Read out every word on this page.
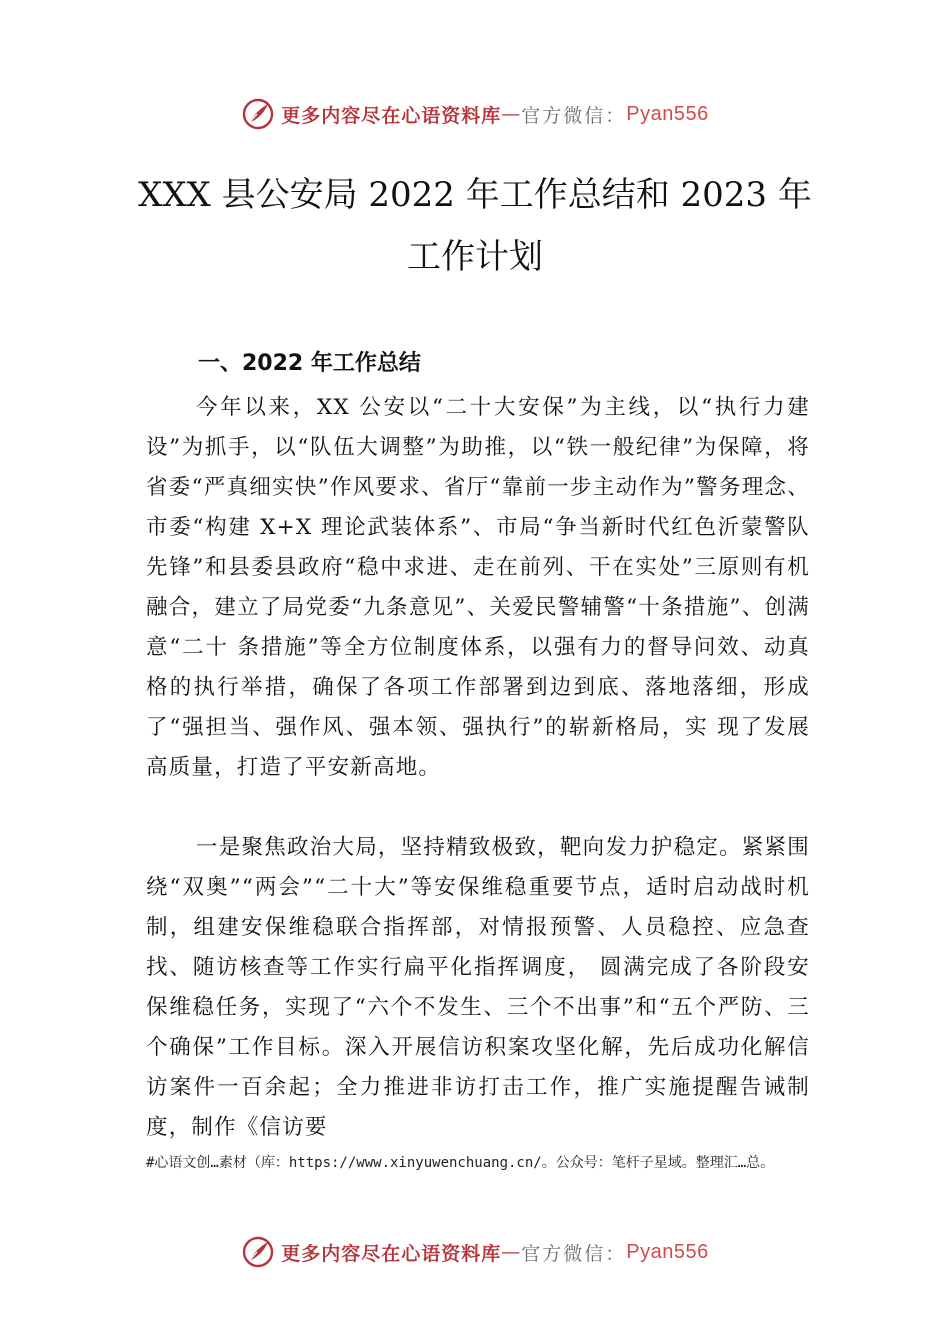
更多内容尽在心语资料库 — 官方微信： Pyan556
XXX 县公安局 2022 年工作总结和 2023 年
工作计划
一、2022 年工作总结

今年以来，XX 公安以“二十大安保”为主线，以“执行力建设”为抓手，以“队伍大调整”为助推，以“铁一般纪律”为保障，将省委“严真细实快”作风要求、省厅“靠前一步主动作为”警务理念、市委“构建 X+X 理论武装体系”、市局“争当新时代红色沂蒙警队先锋”和县委县政府“稳中求进、走在前列、干在实处”三原则有机融合，建立了局党委“九条意见”、关爱民警辅警“十条措施”、创满意“二十 条措施”等全方位制度体系，以强有力的督导问效、动真格的执行举措，确保了各项工作部署到边到底、落地落细，形成了“强担当、强作风、强本领、强执行”的崭新格局，实 现了发展高质量，打造了平安新高地。

一是聚焦政治大局，坚持精致极致，靶向发力护稳定。紧紧围绕“双奥”“两会”“二十大”等安保维稳重要节点，适时启动战时机制，组建安保维稳联合指挥部，对情报预警、人员稳控、应急查找、随访核查等工作实行扁平化指挥调度， 圆满完成了各阶段安保维稳任务，实现了“六个不发生、三个不出事”和“五个严防、三个确保”工作目标。深入开展信访积案攻坚化解，先后成功化解信访案件一百余起；全力推进非访打击工作，推广实施提醒告诫制度，制作《信访要

#心语文创…素材（库：https://www.xinyuwenchuang.cn/。公众号：笔杆子星域。整理汇…总。

更多内容尽在心语资料库 — 官方微信： Pyan556
